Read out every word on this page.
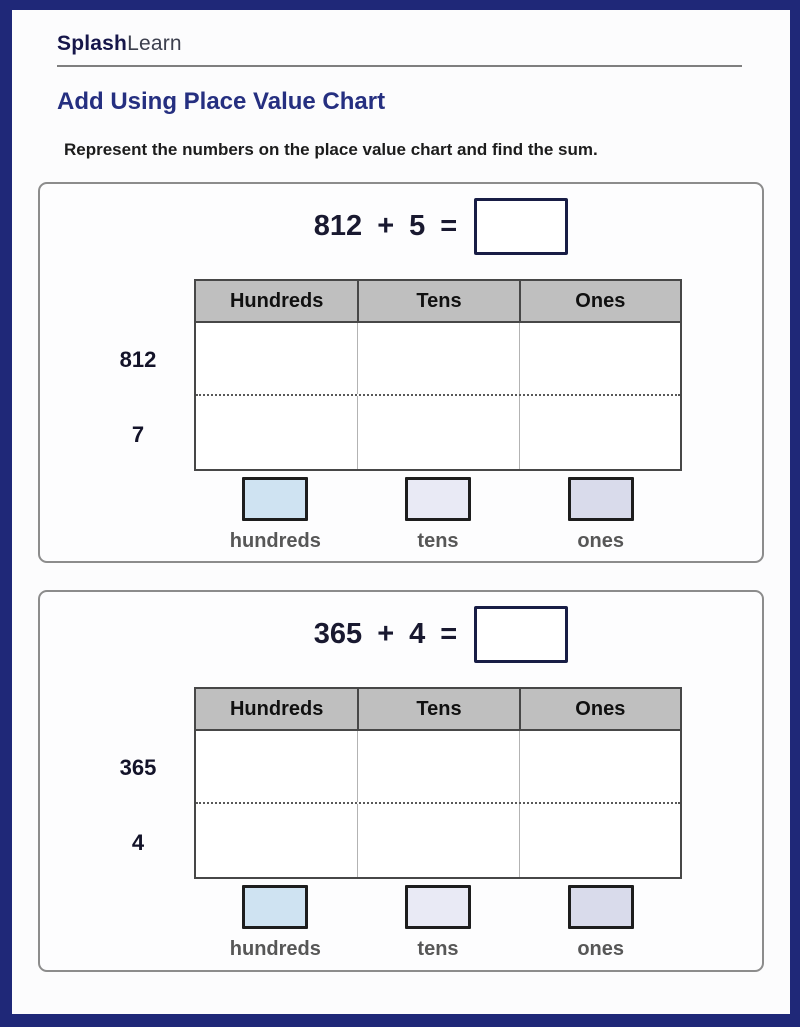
SplashLearn
Add Using Place Value Chart
Represent the numbers on the place value chart and find the sum.
812 + 5 =
812
7
Hundreds	Tens	Ones
hundreds	tens	ones
365 + 4 =
365
4
Hundreds	Tens	Ones
hundreds	tens	ones
